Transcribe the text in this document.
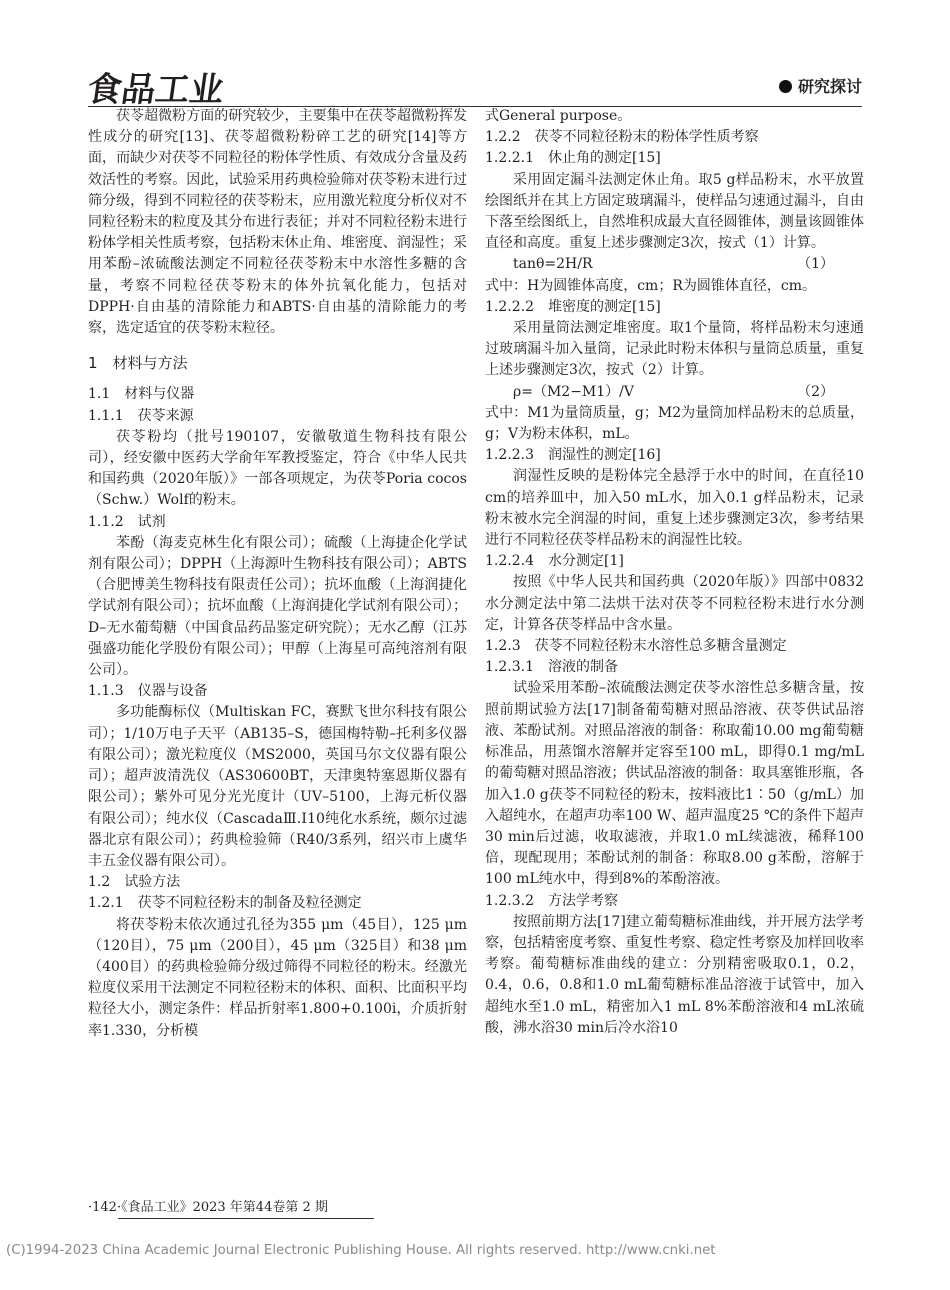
食品工业	研究探讨

茯苓超微粉方面的研究较少，主要集中在茯苓超微粉挥发性成分的研究[13]、茯苓超微粉粉碎工艺的研究[14]等方面，而缺少对茯苓不同粒径的粉体学性质、有效成分含量及药效活性的考察。因此，试验采用药典检验筛对茯苓粉末进行过筛分级，得到不同粒径的茯苓粉末，应用激光粒度分析仪对不同粒径粉末的粒度及其分布进行表征；并对不同粒径粉末进行粉体学相关性质考察，包括粉末休止角、堆密度、润湿性；采用苯酚–浓硫酸法测定不同粒径茯苓粉末中水溶性多糖的含量，考察不同粒径茯苓粉末的体外抗氧化能力，包括对DPPH·自由基的清除能力和ABTS·自由基的清除能力的考察，选定适宜的茯苓粉末粒径。

1　材料与方法

1.1　材料与仪器

1.1.1　茯苓来源

茯苓粉均（批号190107，安徽敬道生物科技有限公司），经安徽中医药大学俞年军教授鉴定，符合《中华人民共和国药典（2020年版）》一部各项规定，为茯苓Poria cocos（Schw.）Wolf的粉末。

1.1.2　试剂

苯酚（海麦克林生化有限公司）；硫酸（上海捷企化学试剂有限公司）；DPPH（上海源叶生物科技有限公司）；ABTS（合肥博美生物科技有限责任公司）；抗坏血酸（上海润捷化学试剂有限公司）；抗坏血酸（上海润捷化学试剂有限公司）；D–无水葡萄糖（中国食品药品鉴定研究院）；无水乙醇（江苏强盛功能化学股份有限公司）；甲醇（上海星可高纯溶剂有限公司）。

1.1.3　仪器与设备

多功能酶标仪（Multiskan FC，赛默飞世尔科技有限公司）；1/10万电子天平（AB135–S，德国梅特勒–托利多仪器有限公司）；激光粒度仪（MS2000，英国马尔文仪器有限公司）；超声波清洗仪（AS30600BT，天津奥特塞恩斯仪器有限公司）；紫外可见分光光度计（UV–5100，上海元析仪器有限公司）；纯水仪（CascadaⅢ.Ⅰ10纯化水系统，颇尔过滤器北京有限公司）；药典检验筛（R40/3系列，绍兴市上虞华丰五金仪器有限公司）。

1.2　试验方法

1.2.1　茯苓不同粒径粉末的制备及粒径测定

将茯苓粉末依次通过孔径为355 μm（45目），125 μm（120目），75 μm（200目），45 μm（325目）和38 μm（400目）的药典检验筛分级过筛得不同粒径的粉末。经激光粒度仪采用干法测定不同粒径粉末的体积、面积、比面积平均粒径大小，测定条件：样品折射率1.800+0.100i，介质折射率1.330，分析模

式General purpose。

1.2.2　茯苓不同粒径粉末的粉体学性质考察

1.2.2.1　休止角的测定[15]

采用固定漏斗法测定休止角。取5 g样品粉末，水平放置绘图纸并在其上方固定玻璃漏斗，使样品匀速通过漏斗，自由下落至绘图纸上，自然堆积成最大直径圆锥体，测量该圆锥体直径和高度。重复上述步骤测定3次，按式（1）计算。

tanθ=2H/R	（1）

式中：H为圆锥体高度，cm；R为圆锥体直径，cm。

1.2.2.2　堆密度的测定[15]

采用量筒法测定堆密度。取1个量筒，将样品粉末匀速通过玻璃漏斗加入量筒，记录此时粉末体积与量筒总质量，重复上述步骤测定3次，按式（2）计算。

ρ=（M2−M1）/V	（2）

式中：M1为量筒质量，g；M2为量筒加样品粉末的总质量，g；V为粉末体积，mL。

1.2.2.3　润湿性的测定[16]

润湿性反映的是粉体完全悬浮于水中的时间，在直径10 cm的培养皿中，加入50 mL水，加入0.1 g样品粉末，记录粉末被水完全润湿的时间，重复上述步骤测定3次，参考结果进行不同粒径茯苓样品粉末的润湿性比较。

1.2.2.4　水分测定[1]

按照《中华人民共和国药典（2020年版）》四部中0832水分测定法中第二法烘干法对茯苓不同粒径粉末进行水分测定，计算各茯苓样品中含水量。

1.2.3　茯苓不同粒径粉末水溶性总多糖含量测定

1.2.3.1　溶液的制备

试验采用苯酚–浓硫酸法测定茯苓水溶性总多糖含量，按照前期试验方法[17]制备葡萄糖对照品溶液、茯苓供试品溶液、苯酚试剂。对照品溶液的制备：称取葡10.00 mg葡萄糖标准品，用蒸馏水溶解并定容至100 mL，即得0.1 mg/mL的葡萄糖对照品溶液；供试品溶液的制备：取具塞锥形瓶，各加入1.0 g茯苓不同粒径的粉末，按料液比1∶50（g/mL）加入超纯水，在超声功率100 W、超声温度25 ℃的条件下超声30 min后过滤，收取滤液，并取1.0 mL续滤液，稀释100倍，现配现用；苯酚试剂的制备：称取8.00 g苯酚，溶解于100 mL纯水中，得到8%的苯酚溶液。

1.2.3.2　方法学考察

按照前期方法[17]建立葡萄糖标准曲线，并开展方法学考察，包括精密度考察、重复性考察、稳定性考察及加样回收率考察。葡萄糖标准曲线的建立：分别精密吸取0.1，0.2，0.4，0.6，0.8和1.0 mL葡萄糖标准品溶液于试管中，加入超纯水至1.0 mL，精密加入1 mL 8%苯酚溶液和4 mL浓硫酸，沸水浴30 min后冷水浴10

·142·《食品工业》2023 年第44卷第 2 期
(C)1994-2023 China Academic Journal Electronic Publishing House. All rights reserved. http://www.cnki.net
